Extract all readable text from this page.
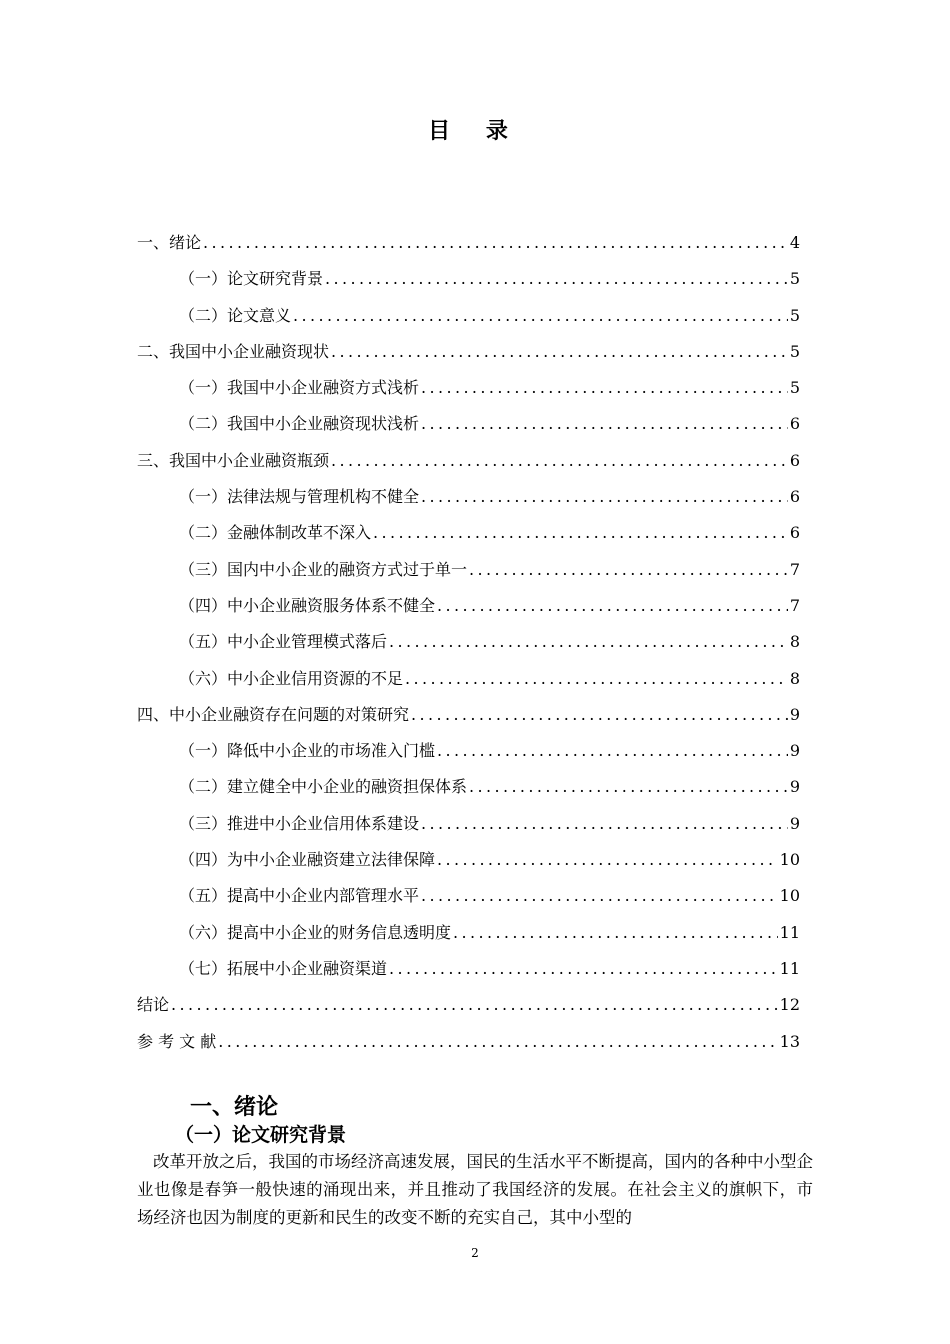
目 录
一、绪论 .....	4
（一）论文研究背景 .....	5
（二）论文意义 .....	5
二、我国中小企业融资现状 .....	5
（一）我国中小企业融资方式浅析 .....	5
（二）我国中小企业融资现状浅析 .....	6
三、我国中小企业融资瓶颈 .....	6
（一）法律法规与管理机构不健全 .....	6
（二）金融体制改革不深入 .....	6
（三）国内中小企业的融资方式过于单一 .....	7
（四）中小企业融资服务体系不健全 .....	7
（五）中小企业管理模式落后 .....	8
（六）中小企业信用资源的不足 .....	8
四、中小企业融资存在问题的对策研究 .....	9
（一）降低中小企业的市场准入门槛 .....	9
（二）建立健全中小企业的融资担保体系 .....	9
（三）推进中小企业信用体系建设 .....	9
（四）为中小企业融资建立法律保障 .....	10
（五）提高中小企业内部管理水平 .....	10
（六）提高中小企业的财务信息透明度 .....	11
（七）拓展中小企业融资渠道 .....	11
结论 .....	12
参 考 文 献 .....	13
一、绪论
（一）论文研究背景
改革开放之后，我国的市场经济高速发展，国民的生活水平不断提高，国内的各种中小型企业也像是春笋一般快速的涌现出来，并且推动了我国经济的发展。在社会主义的旗帜下，市场经济也因为制度的更新和民生的改变不断的充实自己，其中小型的
2
